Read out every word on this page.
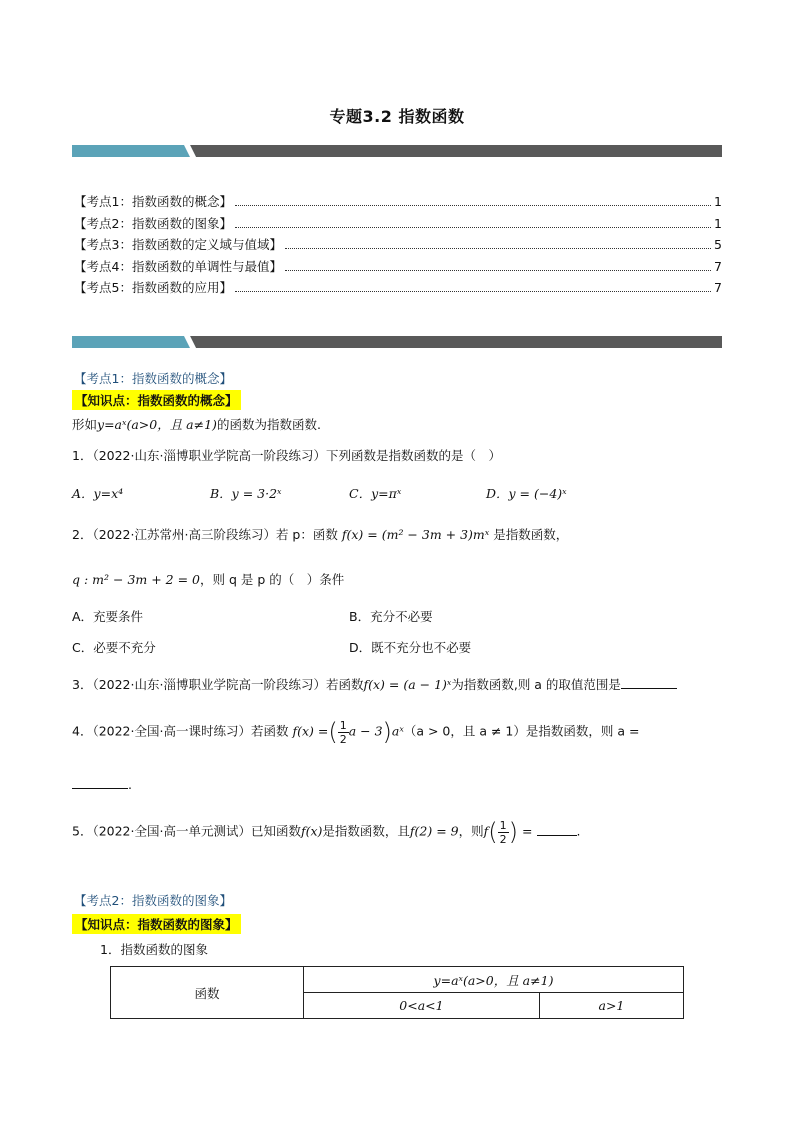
专题3.2 指数函数
【考点1：指数函数的概念】	1
【考点2：指数函数的图象】	1
【考点3：指数函数的定义域与值域】	5
【考点4：指数函数的单调性与最值】	7
【考点5：指数函数的应用】	7
【考点1：指数函数的概念】
【知识点：指数函数的概念】
形如y=aˣ(a>0，且 a≠1)的函数为指数函数.
1．（2022·山东·淄博职业学院高一阶段练习）下列函数是指数函数的是（　）
A．y=x⁴	B．y = 3·2ˣ	C．y=πˣ	D．y = (−4)ˣ
2．（2022·江苏常州·高三阶段练习）若 p：函数 f(x) = (m² − 3m + 3)mˣ 是指数函数，
q : m² − 3m + 2 = 0，则 q 是 p 的（　）条件
A．充要条件	B．充分不必要
C．必要不充分	D．既不充分也不必要
3．（2022·山东·淄博职业学院高一阶段练习）若函数f(x) = (a − 1)ˣ为指数函数,则 a 的取值范围是
4．（2022·全国·高一课时练习）若函数 f(x) =( $\frac{1}{2}$ a − 3)aˣ（a > 0，且 a ≠ 1）是指数函数，则 a =
.
5．（2022·全国·高一单元测试）已知函数f(x)是指数函数，且f(2) = 9，则$f( \frac{1}{2}$ ) =	.
【考点2：指数函数的图象】
【知识点：指数函数的图象】
1．指数函数的图象
函数	y=aˣ(a>0，且 a≠1)	
	0<a<1	a>1
